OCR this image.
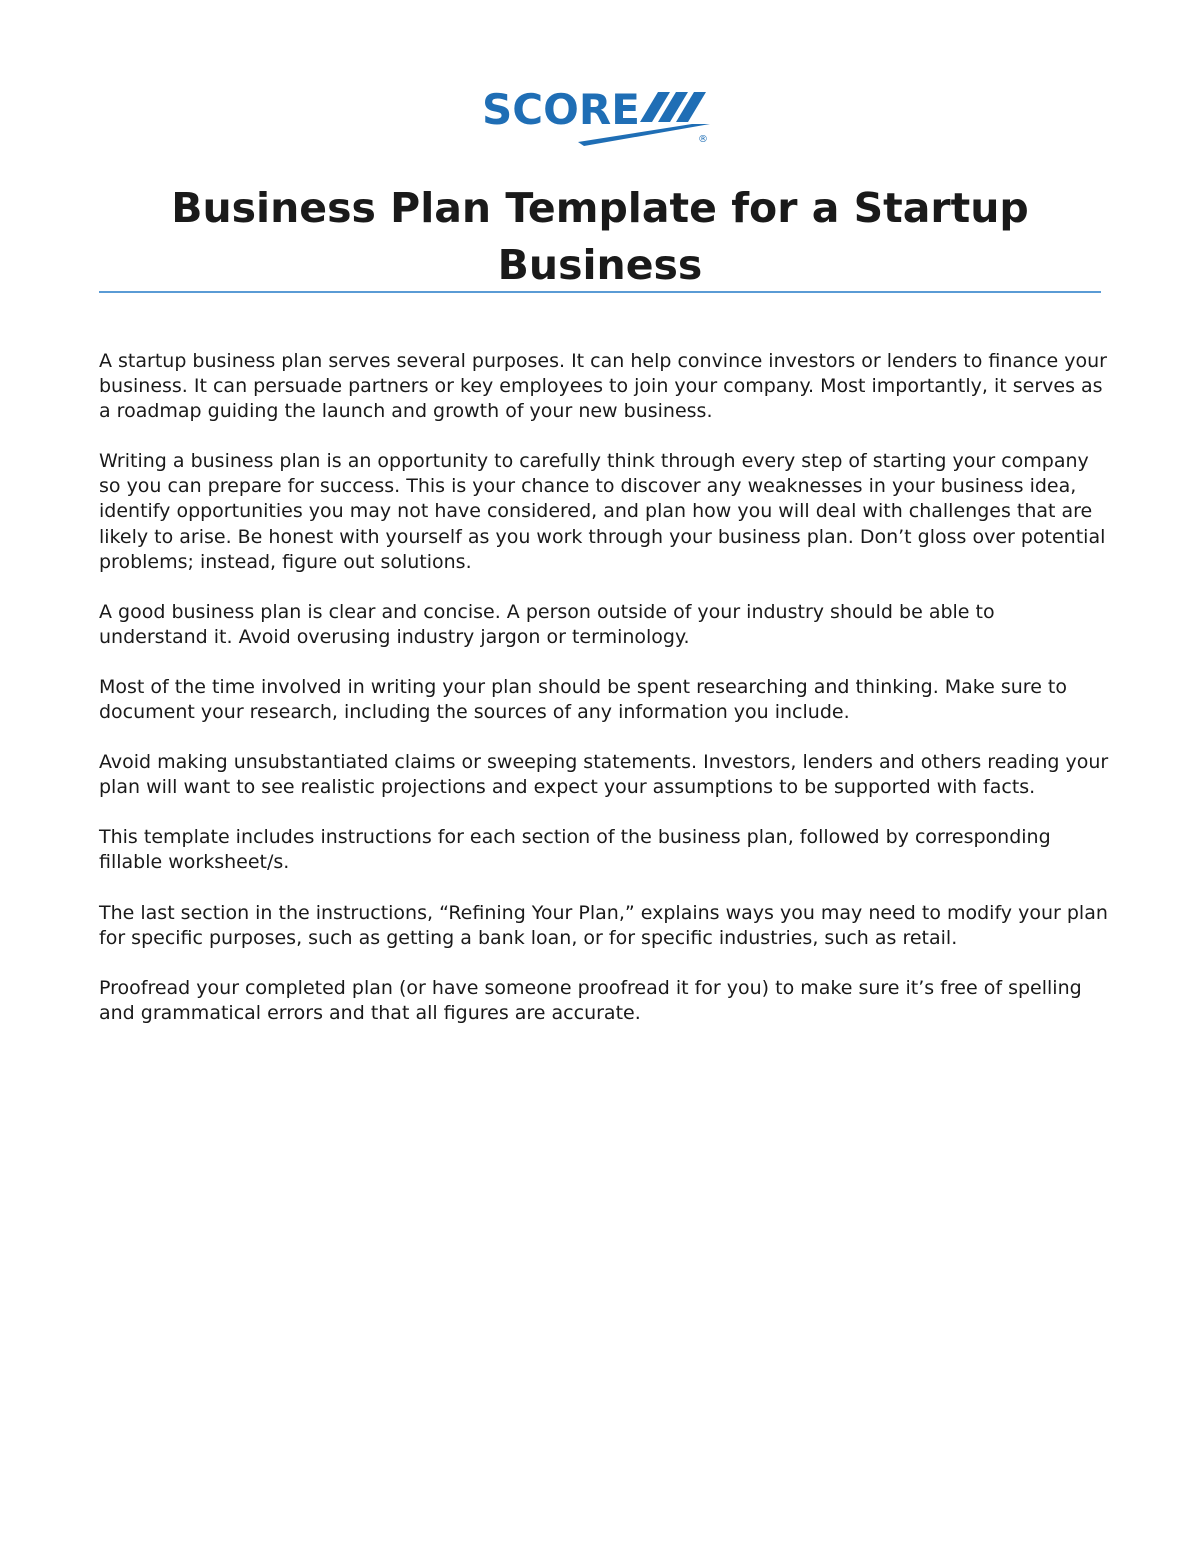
SCORE
®
Business Plan Template for a Startup Business

A startup business plan serves several purposes. It can help convince investors or lenders to finance your business. It can persuade partners or key employees to join your company. Most importantly, it serves as a roadmap guiding the launch and growth of your new business.

Writing a business plan is an opportunity to carefully think through every step of starting your company so you can prepare for success. This is your chance to discover any weaknesses in your business idea, identify opportunities you may not have considered, and plan how you will deal with challenges that are likely to arise. Be honest with yourself as you work through your business plan. Don’t gloss over potential problems; instead, figure out solutions.

A good business plan is clear and concise. A person outside of your industry should be able to understand it. Avoid overusing industry jargon or terminology.

Most of the time involved in writing your plan should be spent researching and thinking. Make sure to document your research, including the sources of any information you include.

Avoid making unsubstantiated claims or sweeping statements. Investors, lenders and others reading your plan will want to see realistic projections and expect your assumptions to be supported with facts.

This template includes instructions for each section of the business plan, followed by corresponding fillable worksheet/s.

The last section in the instructions, “Refining Your Plan,” explains ways you may need to modify your plan for specific purposes, such as getting a bank loan, or for specific industries, such as retail.

Proofread your completed plan (or have someone proofread it for you) to make sure it’s free of spelling and grammatical errors and that all figures are accurate.
